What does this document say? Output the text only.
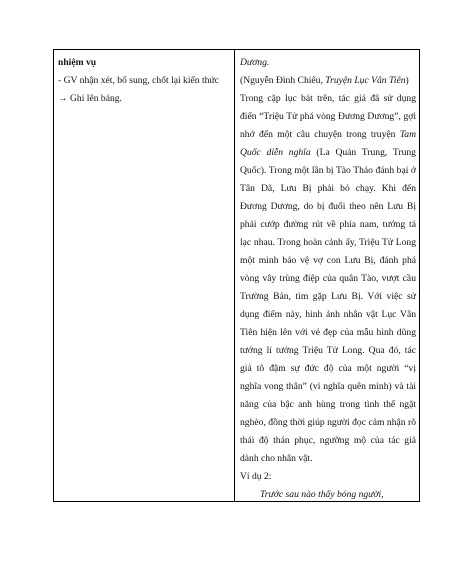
nhiệm vụ
- GV nhận xét, bổ sung, chốt lại kiến thức
→ Ghi lên bảng.
Dương.
(Nguyễn Đình Chiểu, Truyện Lục Vân Tiên)
Trong cặp lục bát trên, tác giả đã sử dụng điển “Triệu Tử phá vòng Đương Dương”, gợi nhớ đến một câu chuyện trong truyện Tam Quốc diễn nghĩa (La Quán Trung, Trung Quốc). Trong một lần bị Tào Tháo đánh bại ở Tân Dã, Lưu Bị phải bỏ chạy. Khi đến Đương Dương, do bị đuổi theo nên Lưu Bị phải cướp đường rút về phía nam, tướng tá lạc nhau. Trong hoàn cảnh ấy, Triệu Tử Long một mình bảo vệ vợ con Lưu Bị, đánh phá vòng vây trùng điệp của quân Tào, vượt cầu Trường Bản, tìm gặp Lưu Bị. Với việc sử dụng điểm này, hình ảnh nhân vật Lục Vân Tiên hiện lên với vẻ đẹp của mẫu hình dũng tướng lí tưởng Triệu Tử Long. Qua đó, tác giả tô đậm sự đức độ của một người “vị nghĩa vong thân” (vì nghĩa quên mình) và tài năng của bậc anh hùng trong tình thế ngặt nghèo, đồng thời giúp người đọc cảm nhận rõ thái độ thán phục, ngưỡng mộ của tác giả dành cho nhân vật.
Ví dụ 2:
Trước sau nào thấy bóng người,
